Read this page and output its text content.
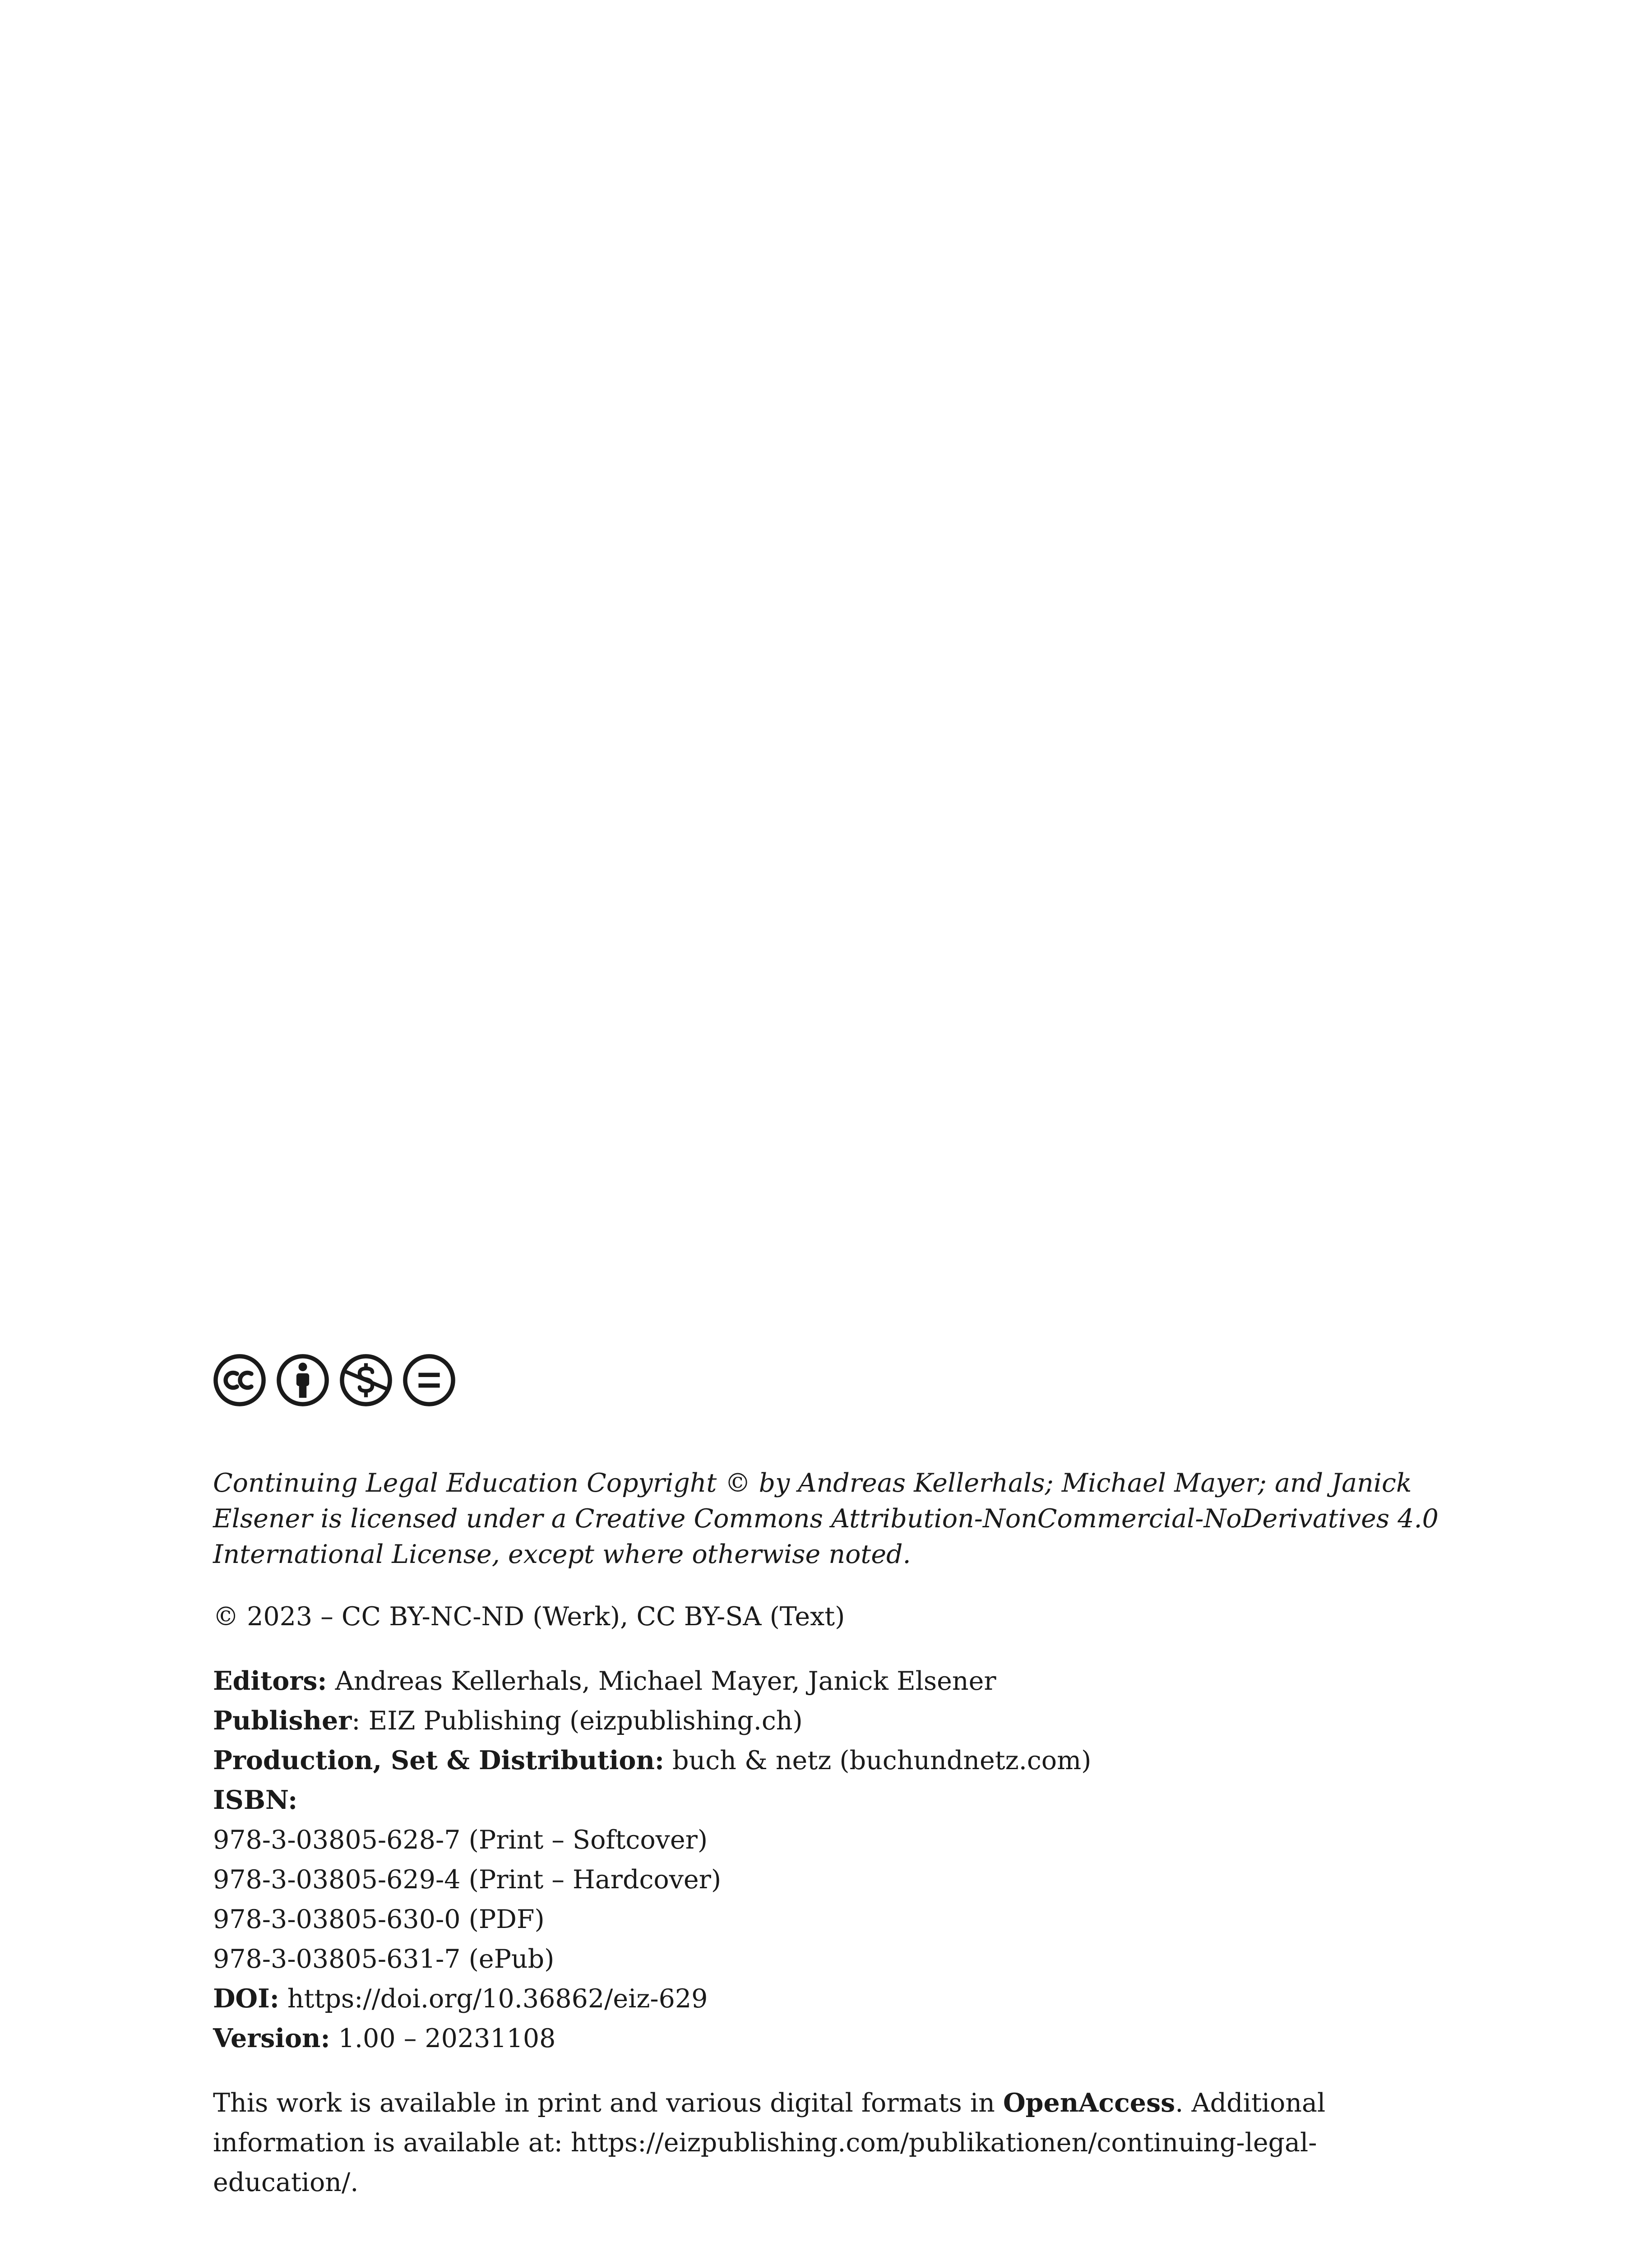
Continuing Legal Education Copyright © by Andreas Kellerhals; Michael Mayer; and Janick Elsener is licensed under a Creative Commons Attribution-NonCommercial-NoDerivatives 4.0 International License, except where otherwise noted.
© 2023 – CC BY-NC-ND (Werk), CC BY-SA (Text)
Editors: Andreas Kellerhals, Michael Mayer, Janick Elsener
Publisher: EIZ Publishing (eizpublishing.ch)
Production, Set & Distribution: buch & netz (buchundnetz.com)
ISBN:
978-3-03805-628-7 (Print – Softcover)
978-3-03805-629-4 (Print – Hardcover)
978-3-03805-630-0 (PDF)
978-3-03805-631-7 (ePub)
DOI: https://doi.org/10.36862/eiz-629
Version: 1.00 – 20231108
This work is available in print and various digital formats in OpenAccess. Additional information is available at: https://eizpublishing.com/publikationen/continuing-legal-education/.
